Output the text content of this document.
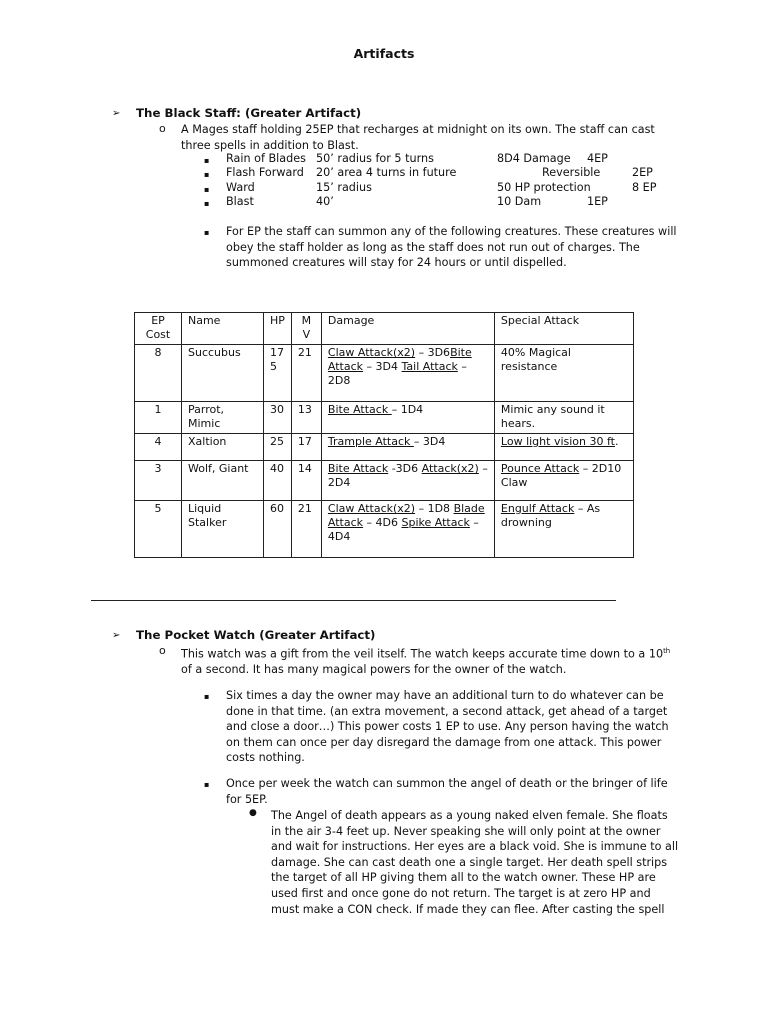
Artifacts
➢ The Black Staff: (Greater Artifact)
o A Mages staff holding 25EP that recharges at midnight on its own. The staff can cast three spells in addition to Blast.
▪ Rain of Blades 50’ radius for 5 turns	8D4 Damage 4EP
▪ Flash Forward 20’ area 4 turns in future	Reversible	2EP
▪ Ward	15’ radius	50 HP protection	8 EP
▪ Blast	40’	10 Dam	1EP
▪ For EP the staff can summon any of the following creatures. These creatures will obey the staff holder as long as the staff does not run out of charges. The summoned creatures will stay for 24 hours or until dispelled.
EP Cost	Name	HP	M V	Damage	Special Attack
8	Succubus	17 5	21	Claw Attack(x2) – 3D6Bite Attack – 3D4 Tail Attack – 2D8	40% Magical resistance
1	Parrot, Mimic	30	13	Bite Attack – 1D4	Mimic any sound it hears.
4	Xaltion	25	17	Trample Attack – 3D4	Low light vision 30 ft.
3	Wolf, Giant	40	14	Bite Attack -3D6 Attack(x2) – 2D4	Pounce Attack – 2D10 Claw
5	Liquid Stalker	60	21	Claw Attack(x2) – 1D8 Blade Attack – 4D6 Spike Attack – 4D4	Engulf Attack – As drowning
➢ The Pocket Watch (Greater Artifact)
o This watch was a gift from the veil itself. The watch keeps accurate time down to a 10th of a second. It has many magical powers for the owner of the watch.
▪ Six times a day the owner may have an additional turn to do whatever can be done in that time. (an extra movement, a second attack, get ahead of a target and close a door…) This power costs 1 EP to use. Any person having the watch on them can once per day disregard the damage from one attack. This power costs nothing.
▪ Once per week the watch can summon the angel of death or the bringer of life for 5EP.
● The Angel of death appears as a young naked elven female. She floats in the air 3-4 feet up. Never speaking she will only point at the owner and wait for instructions. Her eyes are a black void. She is immune to all damage. She can cast death one a single target. Her death spell strips the target of all HP giving them all to the watch owner. These HP are used first and once gone do not return. The target is at zero HP and must make a CON check. If made they can flee. After casting the spell
